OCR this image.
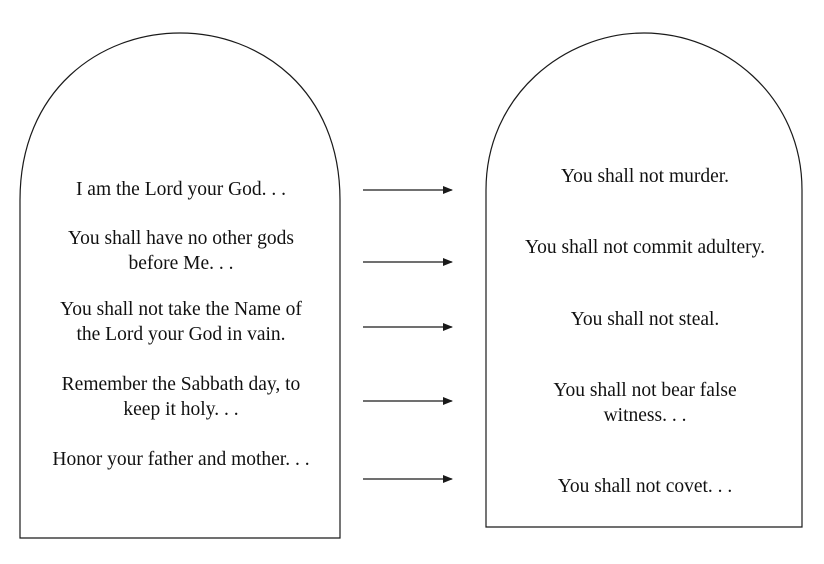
I am the Lord your God. . .
You shall have no other gods
before Me. . .
You shall not take the Name of
the Lord your God in vain.
Remember the Sabbath day, to
keep it holy. . .
Honor your father and mother. . .
You shall not murder.
You shall not commit adultery.
You shall not steal.
You shall not bear false
witness. . .
You shall not covet. . .
